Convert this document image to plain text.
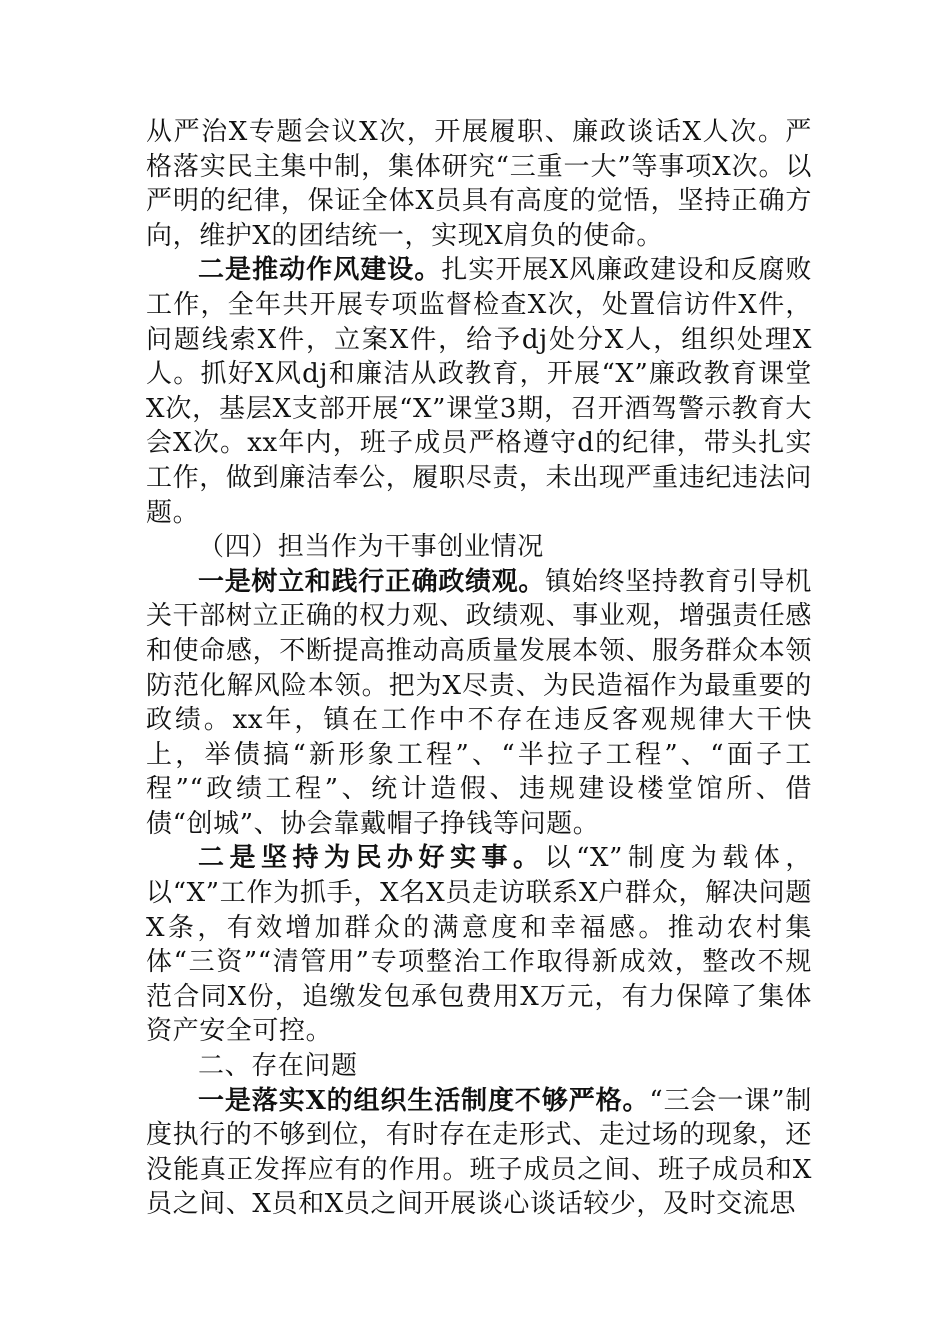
从严治X专题会议X次，开展履职、廉政谈话X人次。严格落实民主集中制，集体研究“三重一大”等事项X次。以严明的纪律，保证全体X员具有高度的觉悟，坚持正确方向，维护X的团结统一，实现X肩负的使命。

二是推动作风建设。扎实开展X风廉政建设和反腐败工作，全年共开展专项监督检查X次，处置信访件X件，问题线索X件，立案X件，给予dj处分X人，组织处理X人。抓好X风dj和廉洁从政教育，开展“X”廉政教育课堂X次，基层X支部开展“X”课堂3期，召开酒驾警示教育大会X次。xx年内，班子成员严格遵守d的纪律，带头扎实工作，做到廉洁奉公，履职尽责，未出现严重违纪违法问题。

（四）担当作为干事创业情况

一是树立和践行正确政绩观。镇始终坚持教育引导机关干部树立正确的权力观、政绩观、事业观，增强责任感和使命感，不断提高推动高质量发展本领、服务群众本领防范化解风险本领。把为X尽责、为民造福作为最重要的政绩。xx年，镇在工作中不存在违反客观规律大干快上，举债搞“新形象工程”、“半拉子工程”、“面子工程”“政绩工程”、统计造假、违规建设楼堂馆所、借债“创城”、协会靠戴帽子挣钱等问题。

二是坚持为民办好实事。以“X”制度为载体，以“X”工作为抓手，X名X员走访联系X户群众，解决问题X条，有效增加群众的满意度和幸福感。推动农村集体“三资”“清管用”专项整治工作取得新成效，整改不规范合同X份，追缴发包承包费用X万元，有力保障了集体资产安全可控。

二、存在问题

一是落实X的组织生活制度不够严格。“三会一课”制度执行的不够到位，有时存在走形式、走过场的现象，还没能真正发挥应有的作用。班子成员之间、班子成员和X员之间、X员和X员之间开展谈心谈话较少，及时交流思
